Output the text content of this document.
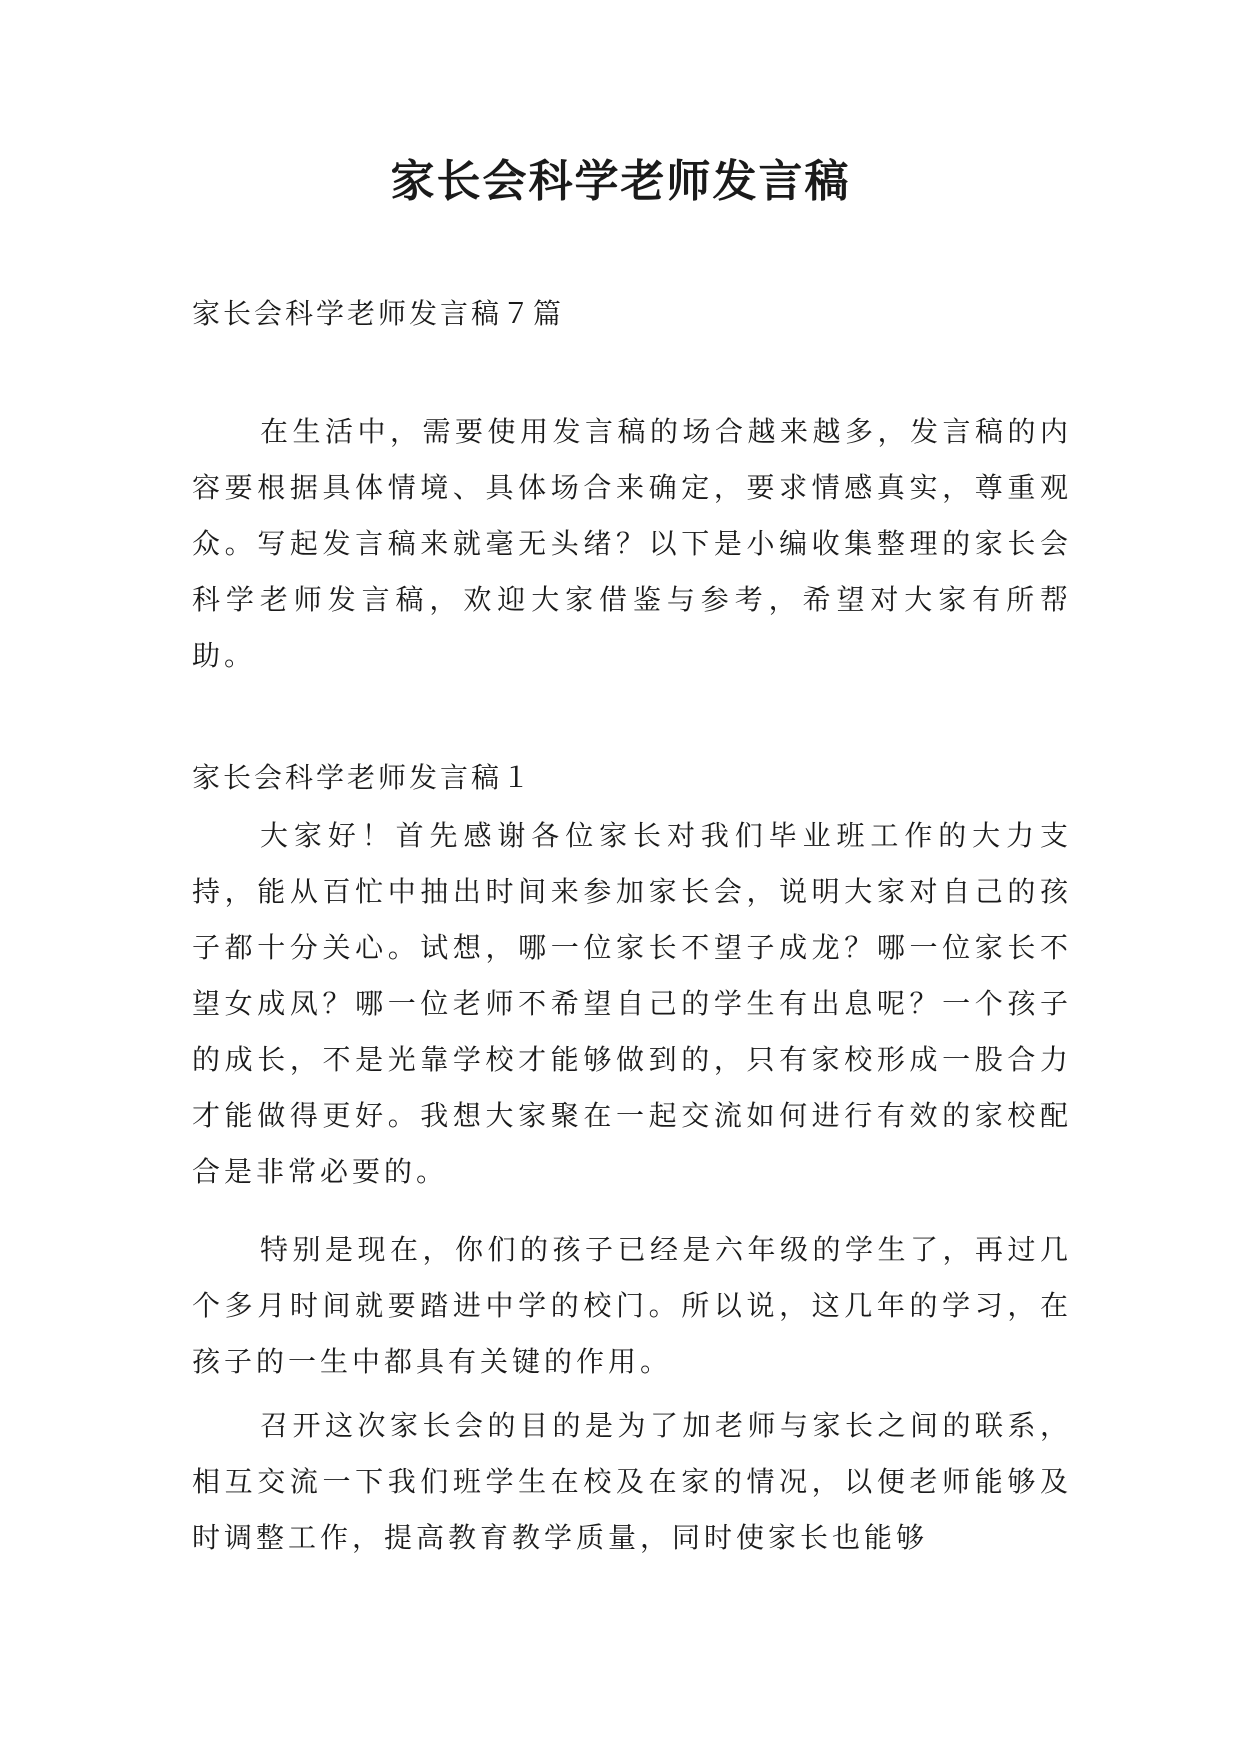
家长会科学老师发言稿

家长会科学老师发言稿７篇

在生活中，需要使用发言稿的场合越来越多，发言稿的内容要根据具体情境、具体场合来确定，要求情感真实，尊重观众。写起发言稿来就毫无头绪？以下是小编收集整理的家长会科学老师发言稿，欢迎大家借鉴与参考，希望对大家有所帮助。

家长会科学老师发言稿１

大家好！首先感谢各位家长对我们毕业班工作的大力支持，能从百忙中抽出时间来参加家长会，说明大家对自己的孩子都十分关心。试想，哪一位家长不望子成龙？哪一位家长不望女成凤？哪一位老师不希望自己的学生有出息呢？一个孩子的成长，不是光靠学校才能够做到的，只有家校形成一股合力才能做得更好。我想大家聚在一起交流如何进行有效的家校配合是非常必要的。

特别是现在，你们的孩子已经是六年级的学生了，再过几个多月时间就要踏进中学的校门。所以说，这几年的学习，在孩子的一生中都具有关键的作用。

召开这次家长会的目的是为了加老师与家长之间的联系，相互交流一下我们班学生在校及在家的情况，以便老师能够及时调整工作，提高教育教学质量，同时使家长也能够
